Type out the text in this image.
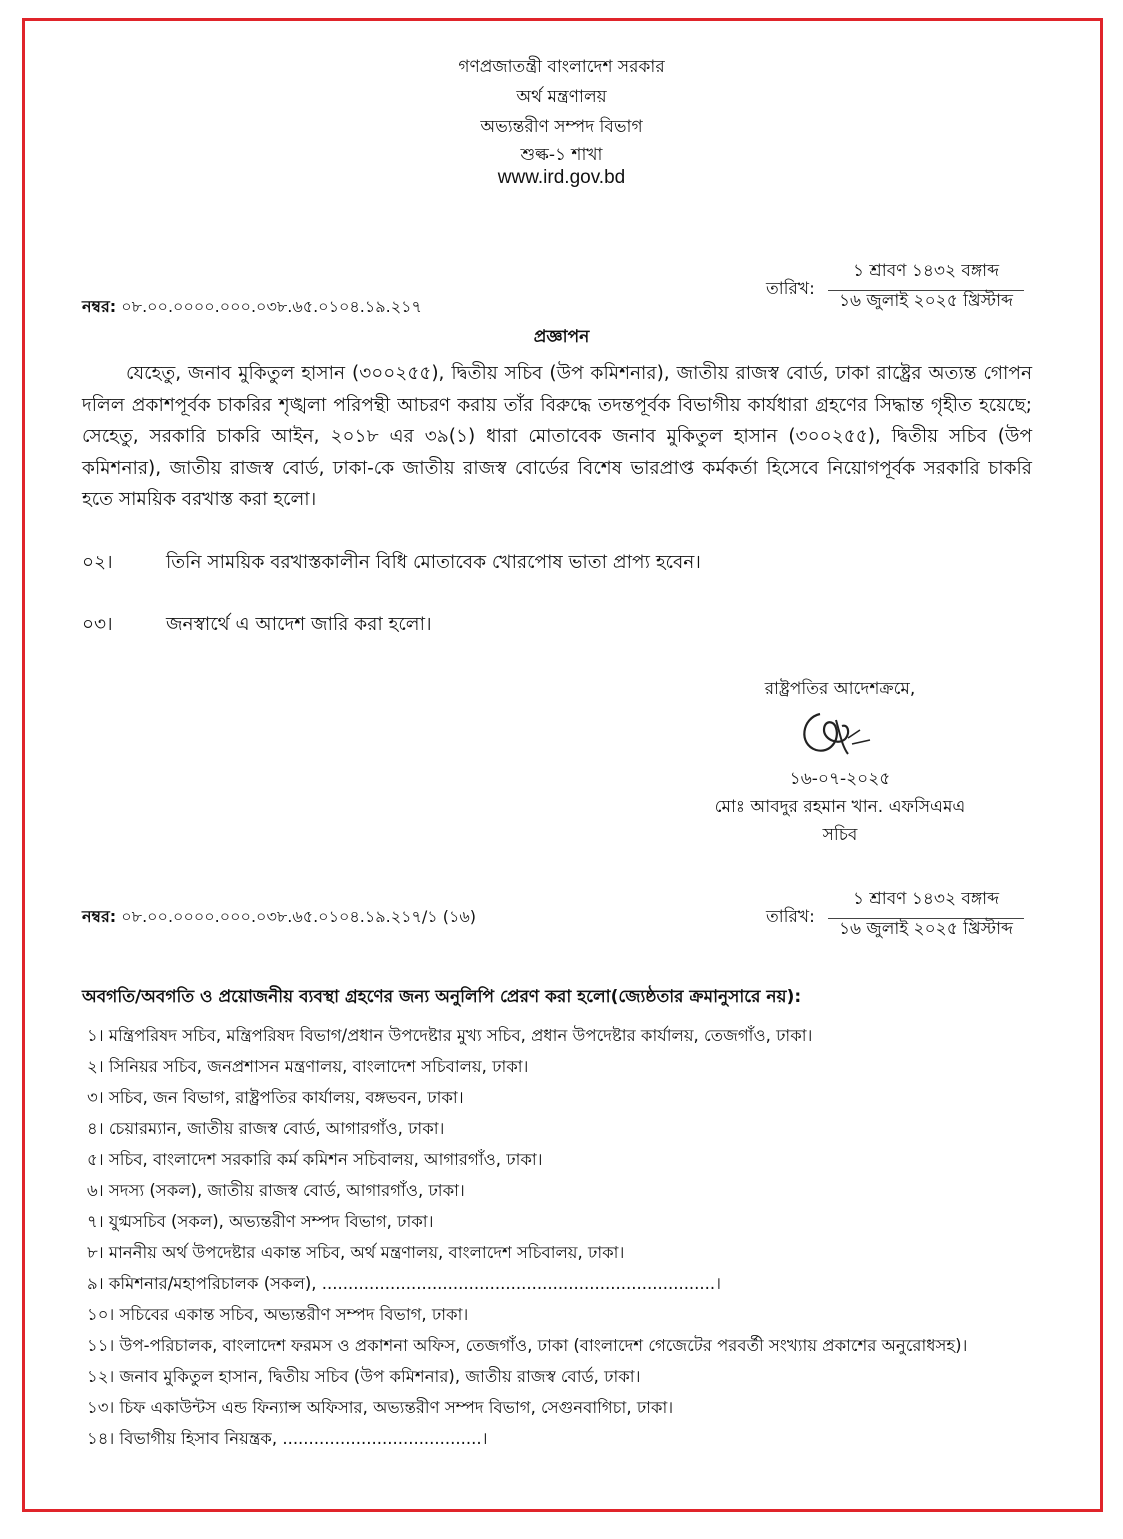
গণপ্রজাতন্ত্রী বাংলাদেশ সরকার
অর্থ মন্ত্রণালয়
অভ্যন্তরীণ সম্পদ বিভাগ
শুল্ক-১ শাখা
www.ird.gov.bd
নম্বর: ০৮.০০.০০০০.০০০.০৩৮.৬৫.০১০৪.১৯.২১৭
তারিখ:
১ শ্রাবণ ১৪৩২ বঙ্গাব্দ
১৬ জুলাই ২০২৫ খ্রিস্টাব্দ
প্রজ্ঞাপন
যেহেতু, জনাব মুকিতুল হাসান (৩০০২৫৫), দ্বিতীয় সচিব (উপ কমিশনার), জাতীয় রাজস্ব বোর্ড, ঢাকা রাষ্ট্রের অত্যন্ত গোপন দলিল প্রকাশপূর্বক চাকরির শৃঙ্খলা পরিপন্থী আচরণ করায় তাঁর বিরুদ্ধে তদন্তপূর্বক বিভাগীয় কার্যধারা গ্রহণের সিদ্ধান্ত গৃহীত হয়েছে; সেহেতু, সরকারি চাকরি আইন, ২০১৮ এর ৩৯(১) ধারা মোতাবেক জনাব মুকিতুল হাসান (৩০০২৫৫), দ্বিতীয় সচিব (উপ কমিশনার), জাতীয় রাজস্ব বোর্ড, ঢাকা-কে জাতীয় রাজস্ব বোর্ডের বিশেষ ভারপ্রাপ্ত কর্মকর্তা হিসেবে নিয়োগপূর্বক সরকারি চাকরি হতে সাময়িক বরখাস্ত করা হলো।
০২।	তিনি সাময়িক বরখাস্তকালীন বিধি মোতাবেক খোরপোষ ভাতা প্রাপ্য হবেন।
০৩।	জনস্বার্থে এ আদেশ জারি করা হলো।
রাষ্ট্রপতির আদেশক্রমে,
১৬-০৭-২০২৫
মোঃ আবদুর রহমান খান. এফসিএমএ
সচিব
নম্বর: ০৮.০০.০০০০.০০০.০৩৮.৬৫.০১০৪.১৯.২১৭/১ (১৬)	তারিখ:
১ শ্রাবণ ১৪৩২ বঙ্গাব্দ
১৬ জুলাই ২০২৫ খ্রিস্টাব্দ
অবগতি/অবগতি ও প্রয়োজনীয় ব্যবস্থা গ্রহণের জন্য অনুলিপি প্রেরণ করা হলো(জ্যেষ্ঠতার ক্রমানুসারে নয়):
১। মন্ত্রিপরিষদ সচিব, মন্ত্রিপরিষদ বিভাগ/প্রধান উপদেষ্টার মুখ্য সচিব, প্রধান উপদেষ্টার কার্যালয়, তেজগাঁও, ঢাকা।
২। সিনিয়র সচিব, জনপ্রশাসন মন্ত্রণালয়, বাংলাদেশ সচিবালয়, ঢাকা।
৩। সচিব, জন বিভাগ, রাষ্ট্রপতির কার্যালয়, বঙ্গভবন, ঢাকা।
৪। চেয়ারম্যান, জাতীয় রাজস্ব বোর্ড, আগারগাঁও, ঢাকা।
৫। সচিব, বাংলাদেশ সরকারি কর্ম কমিশন সচিবালয়, আগারগাঁও, ঢাকা।
৬। সদস্য (সকল), জাতীয় রাজস্ব বোর্ড, আগারগাঁও, ঢাকা।
৭। যুগ্মসচিব (সকল), অভ্যন্তরীণ সম্পদ বিভাগ, ঢাকা।
৮। মাননীয় অর্থ উপদেষ্টার একান্ত সচিব, অর্থ মন্ত্রণালয়, বাংলাদেশ সচিবালয়, ঢাকা।
৯। কমিশনার/মহাপরিচালক (সকল), ...........................................................................।
১০। সচিবের একান্ত সচিব, অভ্যন্তরীণ সম্পদ বিভাগ, ঢাকা।
১১। উপ-পরিচালক, বাংলাদেশ ফরমস ও প্রকাশনা অফিস, তেজগাঁও, ঢাকা (বাংলাদেশ গেজেটের পরবর্তী সংখ্যায় প্রকাশের অনুরোধসহ)।
১২। জনাব মুকিতুল হাসান, দ্বিতীয় সচিব (উপ কমিশনার), জাতীয় রাজস্ব বোর্ড, ঢাকা।
১৩। চিফ একাউন্টস এন্ড ফিন্যান্স অফিসার, অভ্যন্তরীণ সম্পদ বিভাগ, সেগুনবাগিচা, ঢাকা।
১৪। বিভাগীয় হিসাব নিয়ন্ত্রক, ......................................।
